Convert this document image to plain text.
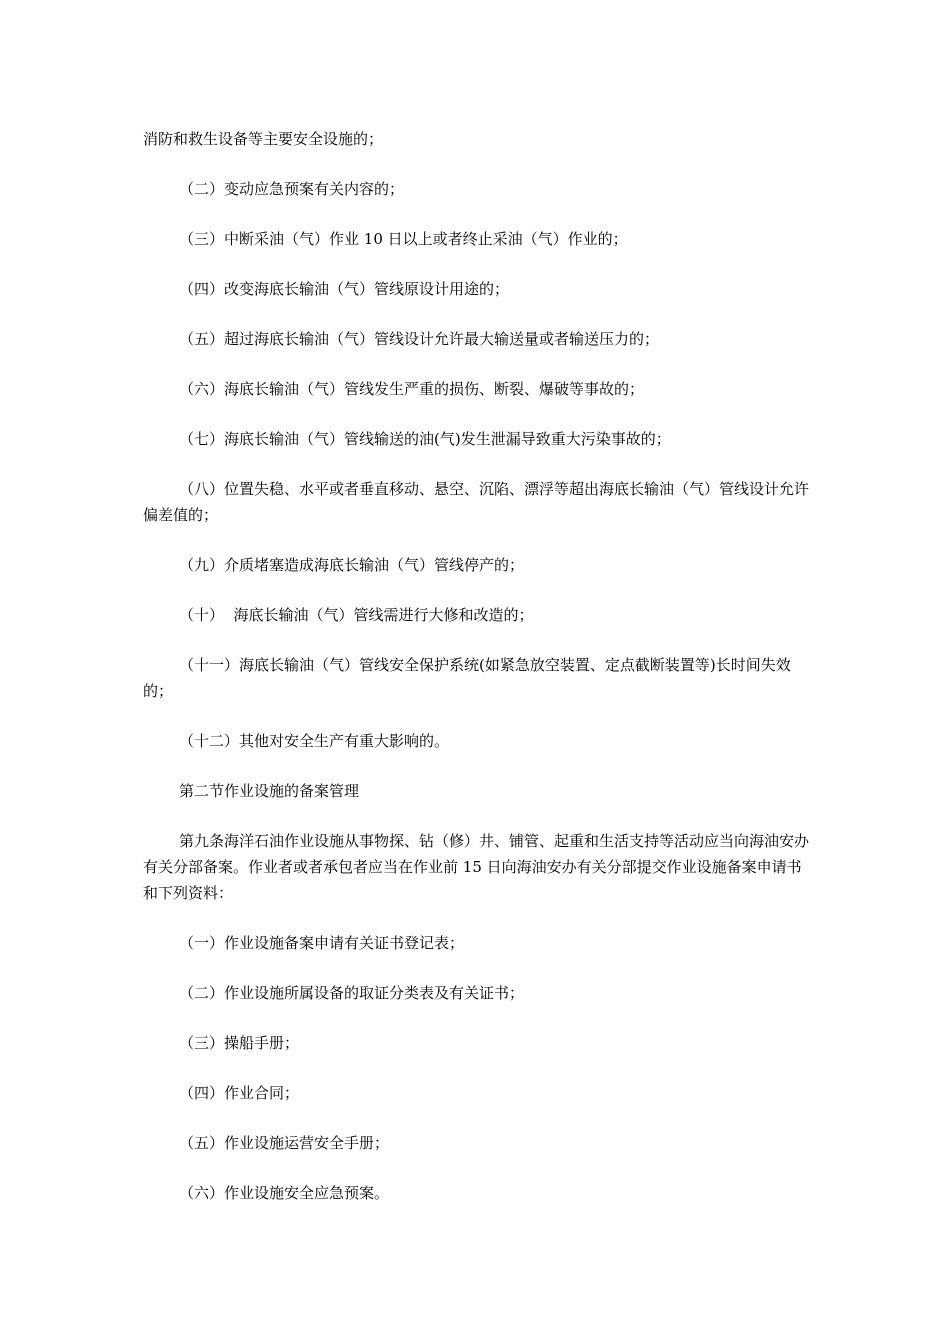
消防和救生设备等主要安全设施的；

（二）变动应急预案有关内容的；

（三）中断采油（气）作业 10 日以上或者终止采油（气）作业的；

（四）改变海底长输油（气）管线原设计用途的；

（五）超过海底长输油（气）管线设计允许最大输送量或者输送压力的；

（六）海底长输油（气）管线发生严重的损伤、断裂、爆破等事故的；

（七）海底长输油（气）管线输送的油(气)发生泄漏导致重大污染事故的；

（八）位置失稳、水平或者垂直移动、悬空、沉陷、漂浮等超出海底长输油（气）管线设计允许偏差值的；

（九）介质堵塞造成海底长输油（气）管线停产的；

（十）  海底长输油（气）管线需进行大修和改造的；

（十一）海底长输油（气）管线安全保护系统(如紧急放空装置、定点截断装置等)长时间失效的；

（十二）其他对安全生产有重大影响的。

第二节作业设施的备案管理

第九条海洋石油作业设施从事物探、钻（修）井、铺管、起重和生活支持等活动应当向海油安办有关分部备案。作业者或者承包者应当在作业前 15 日向海油安办有关分部提交作业设施备案申请书和下列资料：

（一）作业设施备案申请有关证书登记表；

（二）作业设施所属设备的取证分类表及有关证书；

（三）操船手册；

（四）作业合同；

（五）作业设施运营安全手册；

（六）作业设施安全应急预案。
